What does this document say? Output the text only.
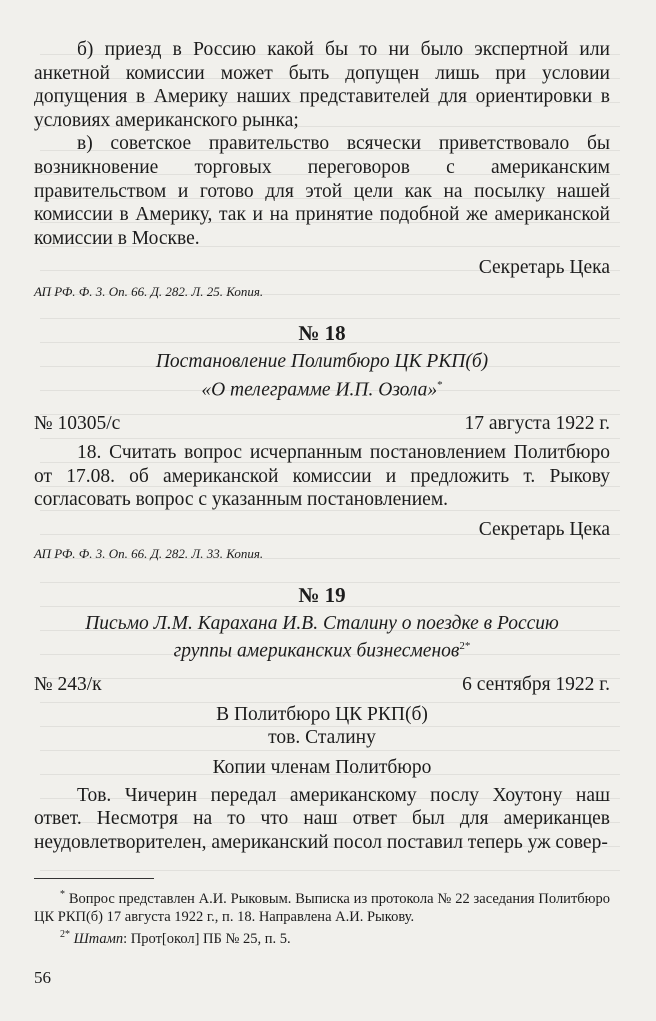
б) приезд в Россию какой бы то ни было экспертной или анкетной комиссии может быть допущен лишь при условии допущения в Америку наших представителей для ориентировки в условиях американского рынка;

в) советское правительство всячески приветствовало бы возникновение торговых переговоров с американским правительством и готово для этой цели как на посылку нашей комиссии в Америку, так и на принятие подобной же американской комиссии в Москве.

Секретарь Цека

АП РФ. Ф. 3. Оп. 66. Д. 282. Л. 25. Копия.

№ 18

Постановление Политбюро ЦК РКП(б)

«О телеграмме И.П. Озола»*

№ 10305/с	17 августа 1922 г.

18. Считать вопрос исчерпанным постановлением Политбюро от 17.08. об американской комиссии и предложить т. Рыкову согласовать вопрос с указанным постановлением.

Секретарь Цека

АП РФ. Ф. 3. Оп. 66. Д. 282. Л. 33. Копия.

№ 19

Письмо Л.М. Карахана И.В. Сталину о поездке в Россию

группы американских бизнесменов$^{2*}$

№ 243/к	6 сентября 1922 г.

В Политбюро ЦК РКП(б)

тов. Сталину

Копии членам Политбюро

Тов. Чичерин передал американскому послу Хоутону наш ответ. Несмотря на то что наш ответ был для американцев неудовлетворителен, американский посол поставил теперь уж совер-

* Вопрос представлен А.И. Рыковым. Выписка из протокола № 22 заседания Политбюро ЦК РКП(б) 17 августа 1922 г., п. 18. Направлена А.И. Рыкову.

$^{2*}$ Штамп: Прот[окол] ПБ № 25, п. 5.

56
